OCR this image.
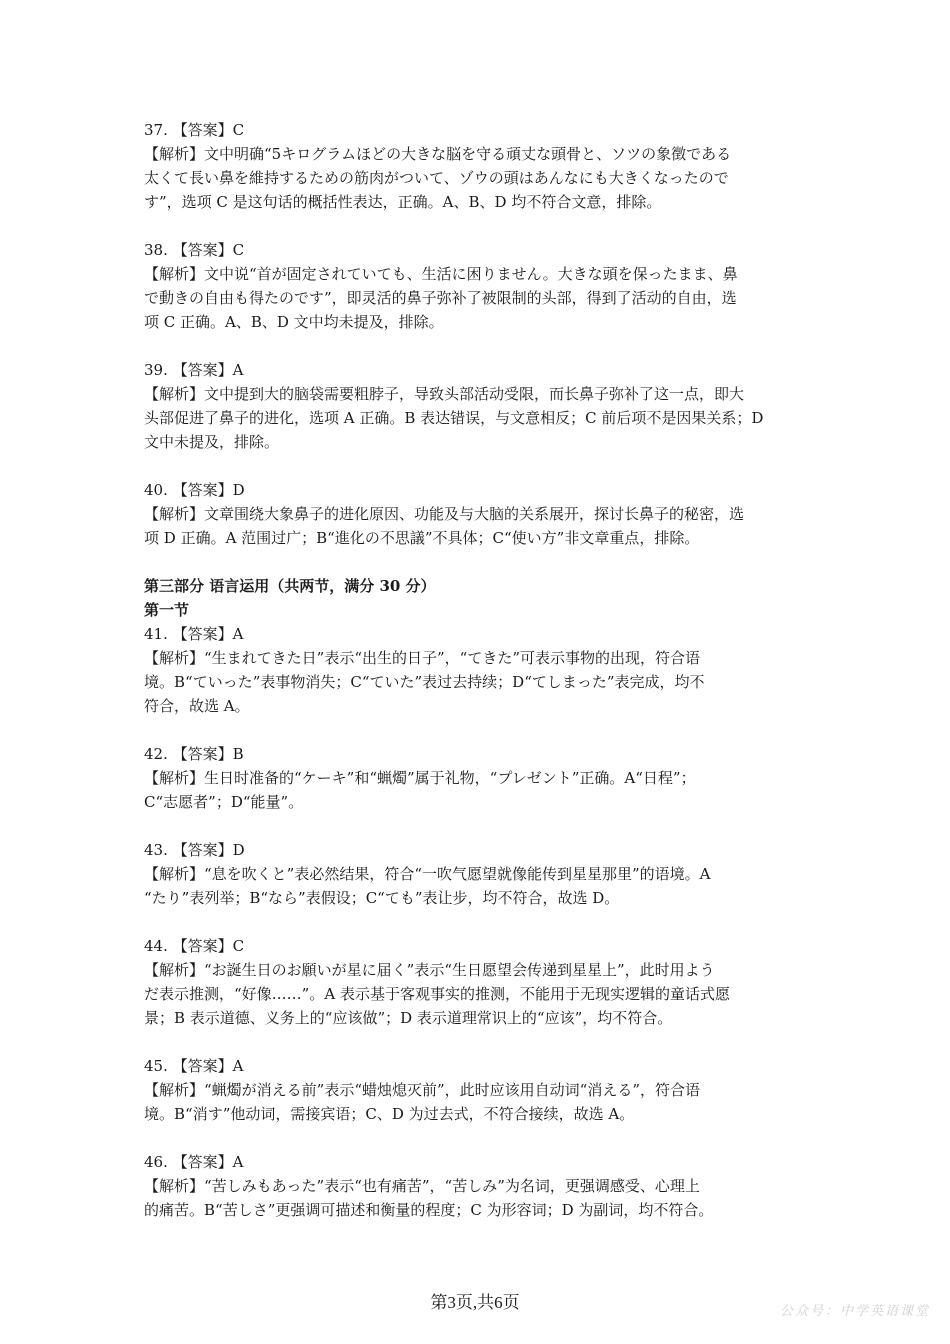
37. 【答案】C
【解析】文中明确“5キログラムほどの大きな脳を守る頑丈な頭骨と、ソツの象徴である
太くて長い鼻を維持するための筋肉がついて、ゾウの頭はあんなにも大きくなったので
す”，选项 C 是这句话的概括性表达，正确。A、B、D 均不符合文意，排除。
38. 【答案】C
【解析】文中说“首が固定されていても、生活に困りません。大きな頭を保ったまま、鼻
で動きの自由も得たのです”，即灵活的鼻子弥补了被限制的头部，得到了活动的自由，选
项 C 正确。A、B、D 文中均未提及，排除。
39. 【答案】A
【解析】文中提到大的脑袋需要粗脖子，导致头部活动受限，而长鼻子弥补了这一点，即大
头部促进了鼻子的进化，选项 A 正确。B 表达错误，与文意相反；C 前后项不是因果关系；D
文中未提及，排除。
40. 【答案】D
【解析】文章围绕大象鼻子的进化原因、功能及与大脑的关系展开，探讨长鼻子的秘密，选
项 D 正确。A 范围过广；B“進化の不思議”不具体；C“使い方”非文章重点，排除。
第三部分 语言运用（共两节，满分 30 分）
第一节
41. 【答案】A
【解析】“生まれてきた日”表示“出生的日子”，“てきた”可表示事物的出现，符合语
境。B“ていった”表事物消失；C“ていた”表过去持续；D“てしまった”表完成，均不
符合，故选 A。
42. 【答案】B
【解析】生日时准备的“ケーキ”和“蝋燭”属于礼物，“プレゼント”正确。A“日程”；
C“志愿者”；D“能量”。
43. 【答案】D
【解析】“息を吹くと”表必然结果，符合“一吹气愿望就像能传到星星那里”的语境。A
“たり”表列举；B“なら”表假设；C“ても”表让步，均不符合，故选 D。
44. 【答案】C
【解析】“お誕生日のお願いが星に届く”表示“生日愿望会传递到星星上”，此时用よう
だ表示推测，“好像……”。A 表示基于客观事实的推测，不能用于无现实逻辑的童话式愿
景；B 表示道德、义务上的“应该做”；D 表示道理常识上的“应该”，均不符合。
45. 【答案】A
【解析】“蝋燭が消える前”表示“蜡烛熄灭前”，此时应该用自动词“消える”，符合语
境。B“消す”他动词，需接宾语；C、D 为过去式，不符合接续，故选 A。
46. 【答案】A
【解析】“苦しみもあった”表示“也有痛苦”，“苦しみ”为名词，更强调感受、心理上
的痛苦。B“苦しさ”更强调可描述和衡量的程度；C 为形容词；D 为副词，均不符合。
第3页,共6页	公众号：中学英语课堂
